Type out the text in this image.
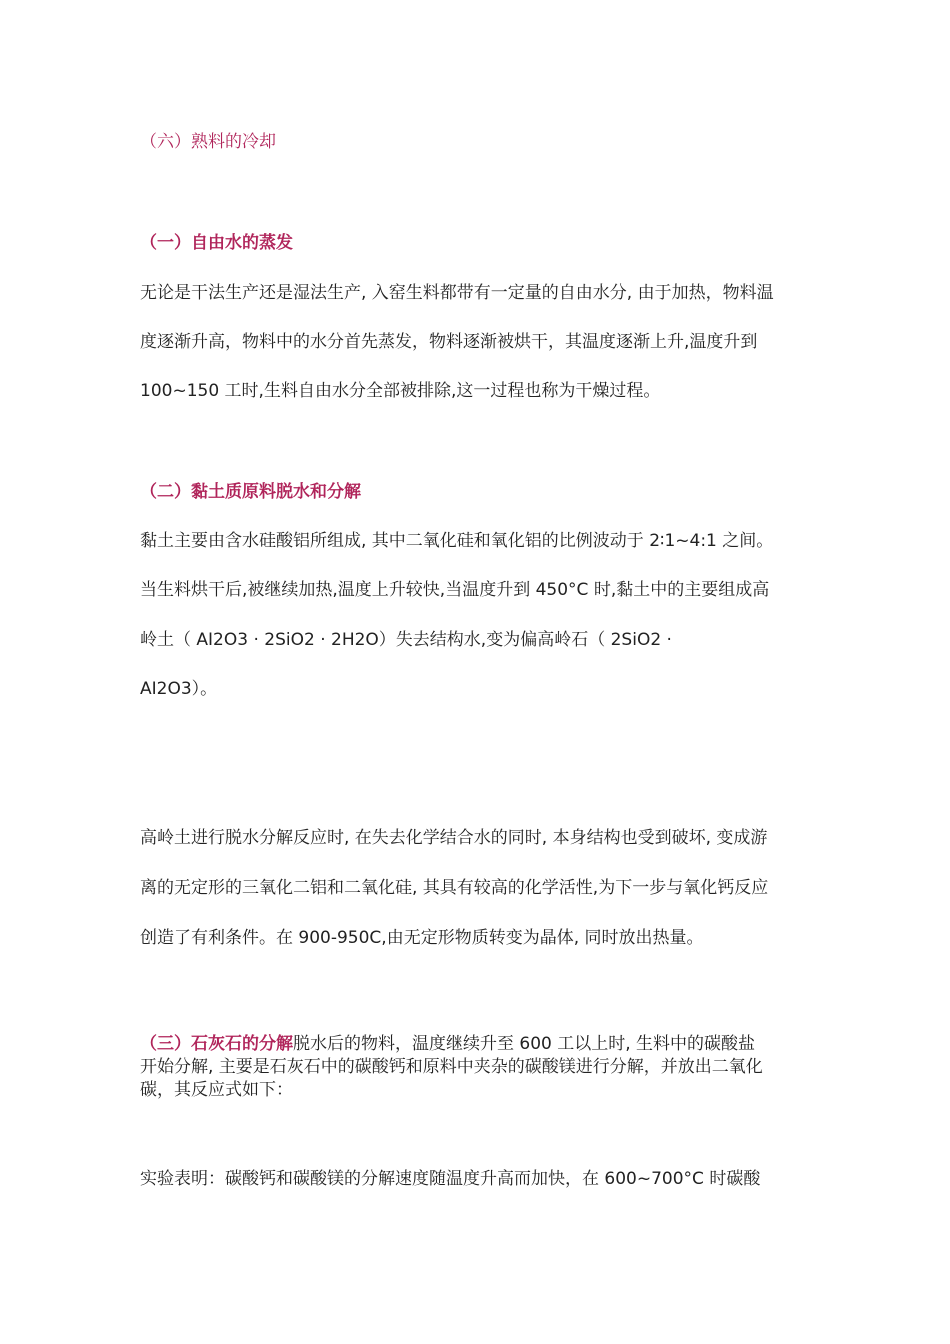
（六）熟料的冷却
（一）自由水的蒸发
无论是干法生产还是湿法生产, 入窑生料都带有一定量的自由水分, 由于加热，物料温
度逐渐升高，物料中的水分首先蒸发，物料逐渐被烘干，其温度逐渐上升,温度升到
100~150 工时,生料自由水分全部被排除,这一过程也称为干燥过程。
（二）黏土质原料脱水和分解
黏土主要由含水硅酸铝所组成, 其中二氧化硅和氧化铝的比例波动于 2∶1~4:1 之间。
当生料烘干后,被继续加热,温度上升较快,当温度升到 450°C 时,黏土中的主要组成高
岭土（ AI2O3 · 2SiO2 · 2H2O）失去结构水,变为偏高岭石（ 2SiO2 ·
AI2O3）。
高岭土进行脱水分解反应时, 在失去化学结合水的同时, 本身结构也受到破坏, 变成游
离的无定形的三氧化二铝和二氧化硅, 其具有较高的化学活性,为下一步与氧化钙反应
创造了有利条件。在 900-950C,由无定形物质转变为晶体, 同时放出热量。
（三）石灰石的分解脱水后的物料，温度继续升至 600 工以上时, 生料中的碳酸盐
开始分解, 主要是石灰石中的碳酸钙和原料中夹杂的碳酸镁进行分解，并放出二氧化
碳，其反应式如下：
实验表明：碳酸钙和碳酸镁的分解速度随温度升高而加快，在 600~700°C 时碳酸
